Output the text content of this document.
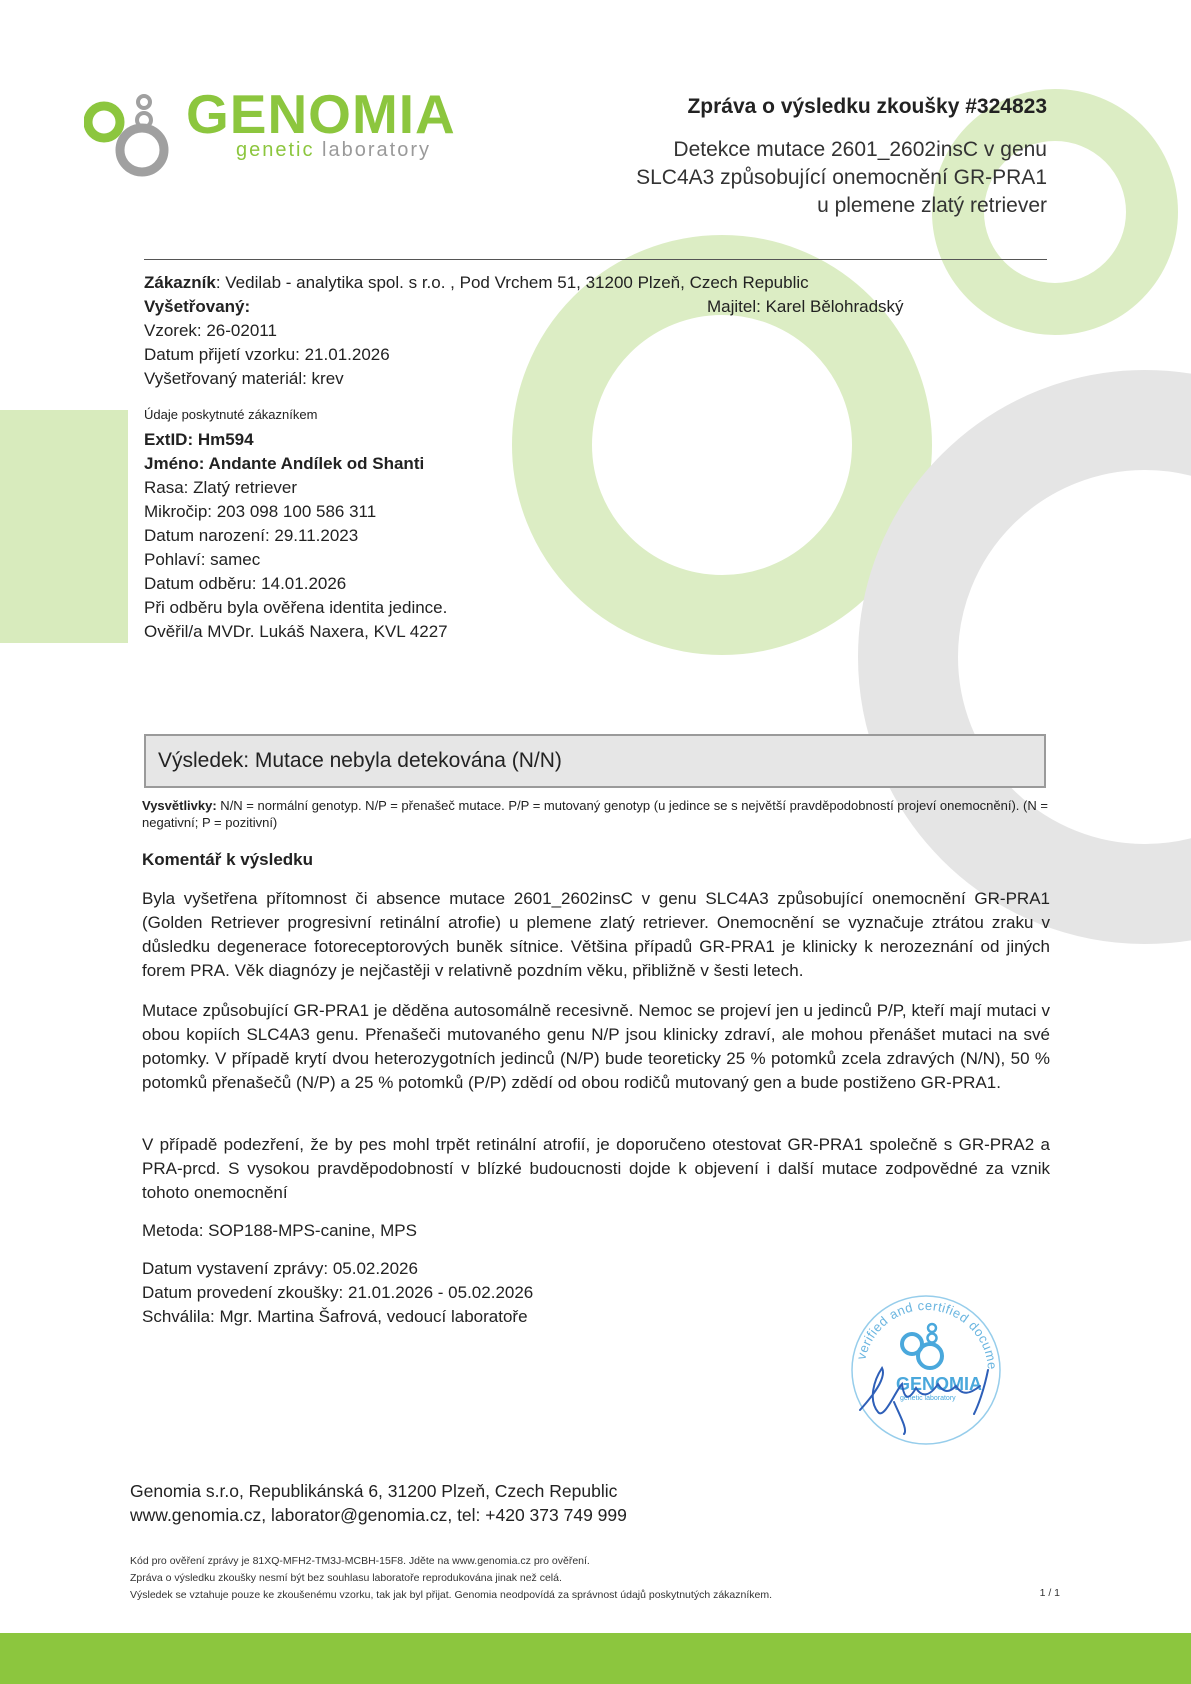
GENOMIA
genetic laboratory
Zpráva o výsledku zkoušky #324823
Detekce mutace 2601_2602insC v genu
SLC4A3 způsobující onemocnění GR-PRA1
u plemene zlatý retriever
Zákazník: Vedilab - analytika spol. s r.o. , Pod Vrchem 51, 31200 Plzeň, Czech Republic
Vyšetřovaný:
Vzorek: 26-02011
Datum přijetí vzorku: 21.01.2026
Vyšetřovaný materiál: krev
Majitel: Karel Bělohradský
Údaje poskytnuté zákazníkem
ExtID: Hm594
Jméno: Andante Andílek od Shanti
Rasa: Zlatý retriever
Mikročip: 203 098 100 586 311
Datum narození: 29.11.2023
Pohlaví: samec
Datum odběru: 14.01.2026
Při odběru byla ověřena identita jedince.
Ověřil/a MVDr. Lukáš Naxera, KVL 4227
Výsledek: Mutace nebyla detekována (N/N)
Vysvětlivky: N/N = normální genotyp. N/P = přenašeč mutace. P/P = mutovaný genotyp (u jedince se s největší pravděpodobností projeví onemocnění). (N = negativní; P = pozitivní)
Komentář k výsledku
Byla vyšetřena přítomnost či absence mutace 2601_2602insC v genu SLC4A3 způsobující onemocnění GR-PRA1 (Golden Retriever progresivní retinální atrofie) u plemene zlatý retriever. Onemocnění se vyznačuje ztrátou zraku v důsledku degenerace fotoreceptorových buněk sítnice. Většina případů GR-PRA1 je klinicky k nerozeznání od jiných forem PRA. Věk diagnózy je nejčastěji v relativně pozdním věku, přibližně v šesti letech.
Mutace způsobující GR-PRA1 je děděna autosomálně recesivně. Nemoc se projeví jen u jedinců P/P, kteří mají mutaci v obou kopiích SLC4A3 genu. Přenašeči mutovaného genu N/P jsou klinicky zdraví, ale mohou přenášet mutaci na své potomky. V případě krytí dvou heterozygotních jedinců (N/P) bude teoreticky 25 % potomků zcela zdravých (N/N), 50 % potomků přenašečů (N/P) a 25 % potomků (P/P) zdědí od obou rodičů mutovaný gen a bude postiženo GR-PRA1.
V případě podezření, že by pes mohl trpět retinální atrofií, je doporučeno otestovat GR-PRA1 společně s GR-PRA2 a PRA-prcd. S vysokou pravděpodobností v blízké budoucnosti dojde k objevení i další mutace zodpovědné za vznik tohoto onemocnění
Metoda: SOP188-MPS-canine, MPS
Datum vystavení zprávy: 05.02.2026
Datum provedení zkoušky: 21.01.2026 - 05.02.2026
Schválila: Mgr. Martina Šafrová, vedoucí laboratoře
verified and certified docume
GENOMIA
genetic laboratory
Genomia s.r.o, Republikánská 6, 31200 Plzeň, Czech Republic
www.genomia.cz, laborator@genomia.cz, tel: +420 373 749 999
Kód pro ověření zprávy je 81XQ-MFH2-TM3J-MCBH-15F8. Jděte na www.genomia.cz pro ověření.
Zpráva o výsledku zkoušky nesmí být bez souhlasu laboratoře reprodukována jinak než celá.
Výsledek se vztahuje pouze ke zkoušenému vzorku, tak jak byl přijat. Genomia neodpovídá za správnost údajů poskytnutých zákazníkem.	1 / 1
